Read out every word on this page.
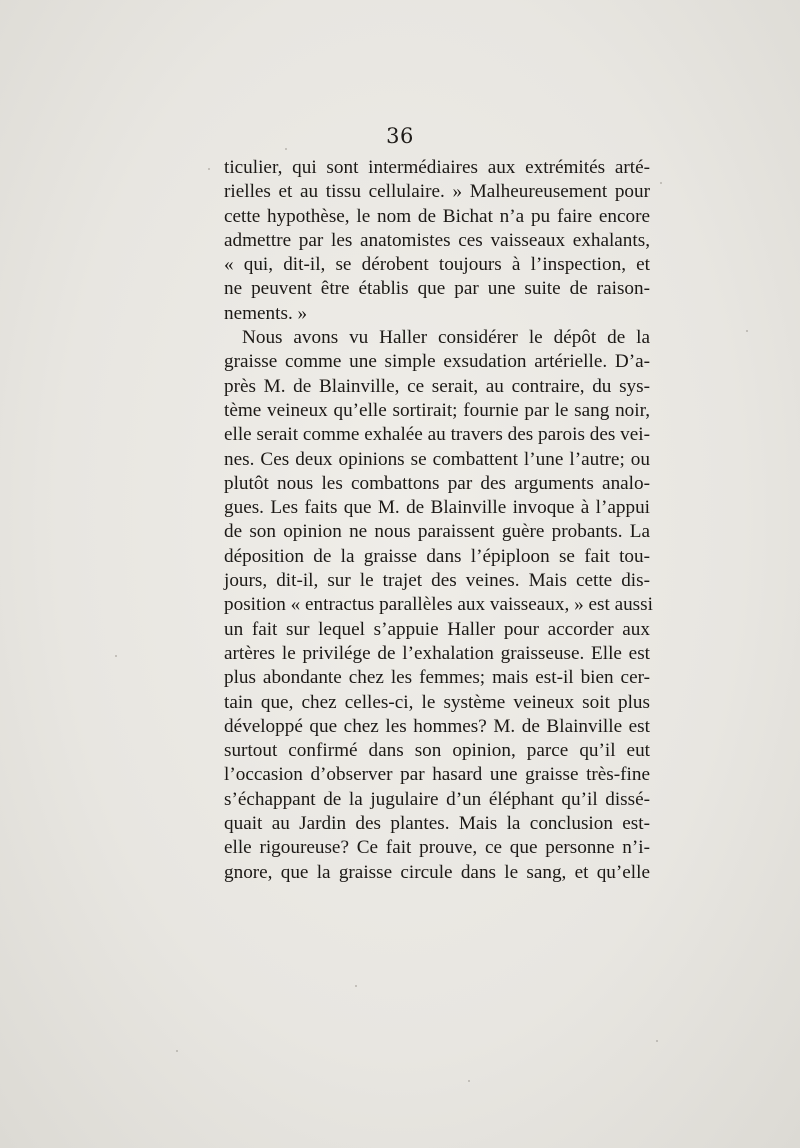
36
ticulier, qui sont intermédiaires aux extrémités arté-
rielles et au tissu cellulaire. » Malheureusement pour
cette hypothèse, le nom de Bichat n’a pu faire encore
admettre par les anatomistes ces vaisseaux exhalants,
« qui, dit-il, se dérobent toujours à l’inspection, et
ne peuvent être établis que par une suite de raison-
nements. »
Nous avons vu Haller considérer le dépôt de la
graisse comme une simple exsudation artérielle. D’a-
près M. de Blainville, ce serait, au contraire, du sys-
tème veineux qu’elle sortirait; fournie par le sang noir,
elle serait comme exhalée au travers des parois des vei-
nes. Ces deux opinions se combattent l’une l’autre; ou
plutôt nous les combattons par des arguments analo-
gues. Les faits que M. de Blainville invoque à l’appui
de son opinion ne nous paraissent guère probants. La
déposition de la graisse dans l’épiploon se fait tou-
jours, dit-il, sur le trajet des veines. Mais cette dis-
position « entractus parallèles aux vaisseaux, » est aussi
un fait sur lequel s’appuie Haller pour accorder aux
artères le privilége de l’exhalation graisseuse. Elle est
plus abondante chez les femmes; mais est-il bien cer-
tain que, chez celles-ci, le système veineux soit plus
développé que chez les hommes? M. de Blainville est
surtout confirmé dans son opinion, parce qu’il eut
l’occasion d’observer par hasard une graisse très-fine
s’échappant de la jugulaire d’un éléphant qu’il dissé-
quait au Jardin des plantes. Mais la conclusion est-
elle rigoureuse? Ce fait prouve, ce que personne n’i-
gnore, que la graisse circule dans le sang, et qu’elle
